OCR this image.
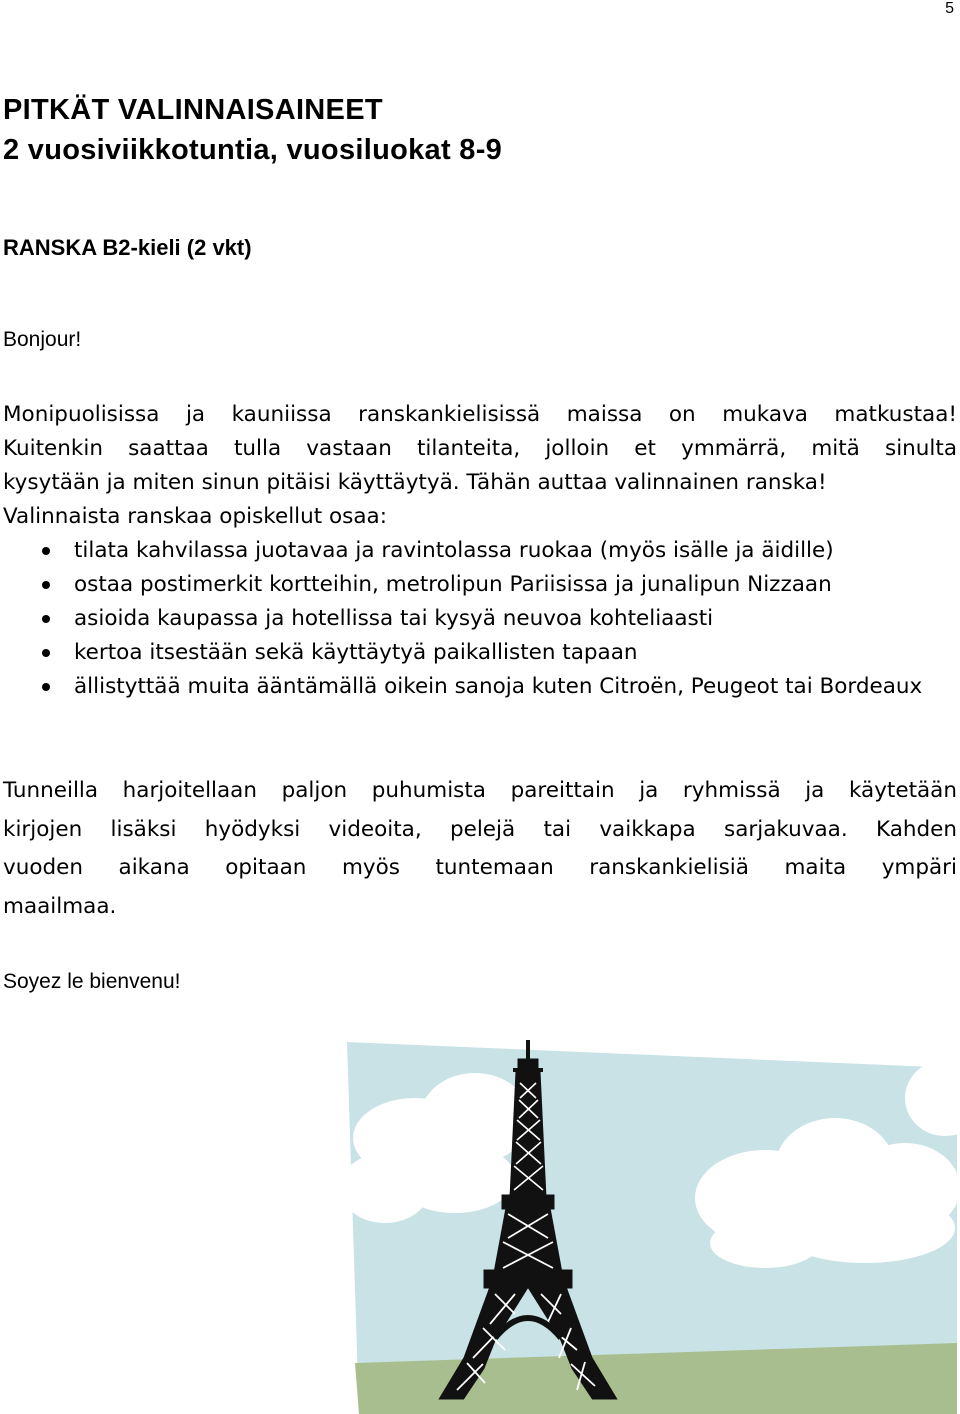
5
PITKÄT VALINNAISAINEET
2 vuosiviikkotuntia, vuosiluokat 8-9
RANSKA B2-kieli (2 vkt)

Bonjour!

Monipuolisissa ja kauniissa ranskankielisissä maissa on mukava matkustaa!
Kuitenkin saattaa tulla vastaan tilanteita, jolloin et ymmärrä, mitä sinulta
kysytään ja miten sinun pitäisi käyttäytyä. Tähän auttaa valinnainen ranska!
Valinnaista ranskaa opiskellut osaa:

tilata kahvilassa juotavaa ja ravintolassa ruokaa (myös isälle ja äidille)
ostaa postimerkit kortteihin, metrolipun Pariisissa ja junalipun Nizzaan
asioida kaupassa ja hotellissa tai kysyä neuvoa kohteliaasti
kertoa itsestään sekä käyttäytyä paikallisten tapaan
ällistyttää muita ääntämällä oikein sanoja kuten Citroën, Peugeot tai Bordeaux

Tunneilla harjoitellaan paljon puhumista pareittain ja ryhmissä ja käytetään
kirjojen lisäksi hyödyksi videoita, pelejä tai vaikkapa sarjakuvaa. Kahden
vuoden aikana opitaan myös tuntemaan ranskankielisiä maita ympäri
maailmaa.

Soyez le bienvenu!
